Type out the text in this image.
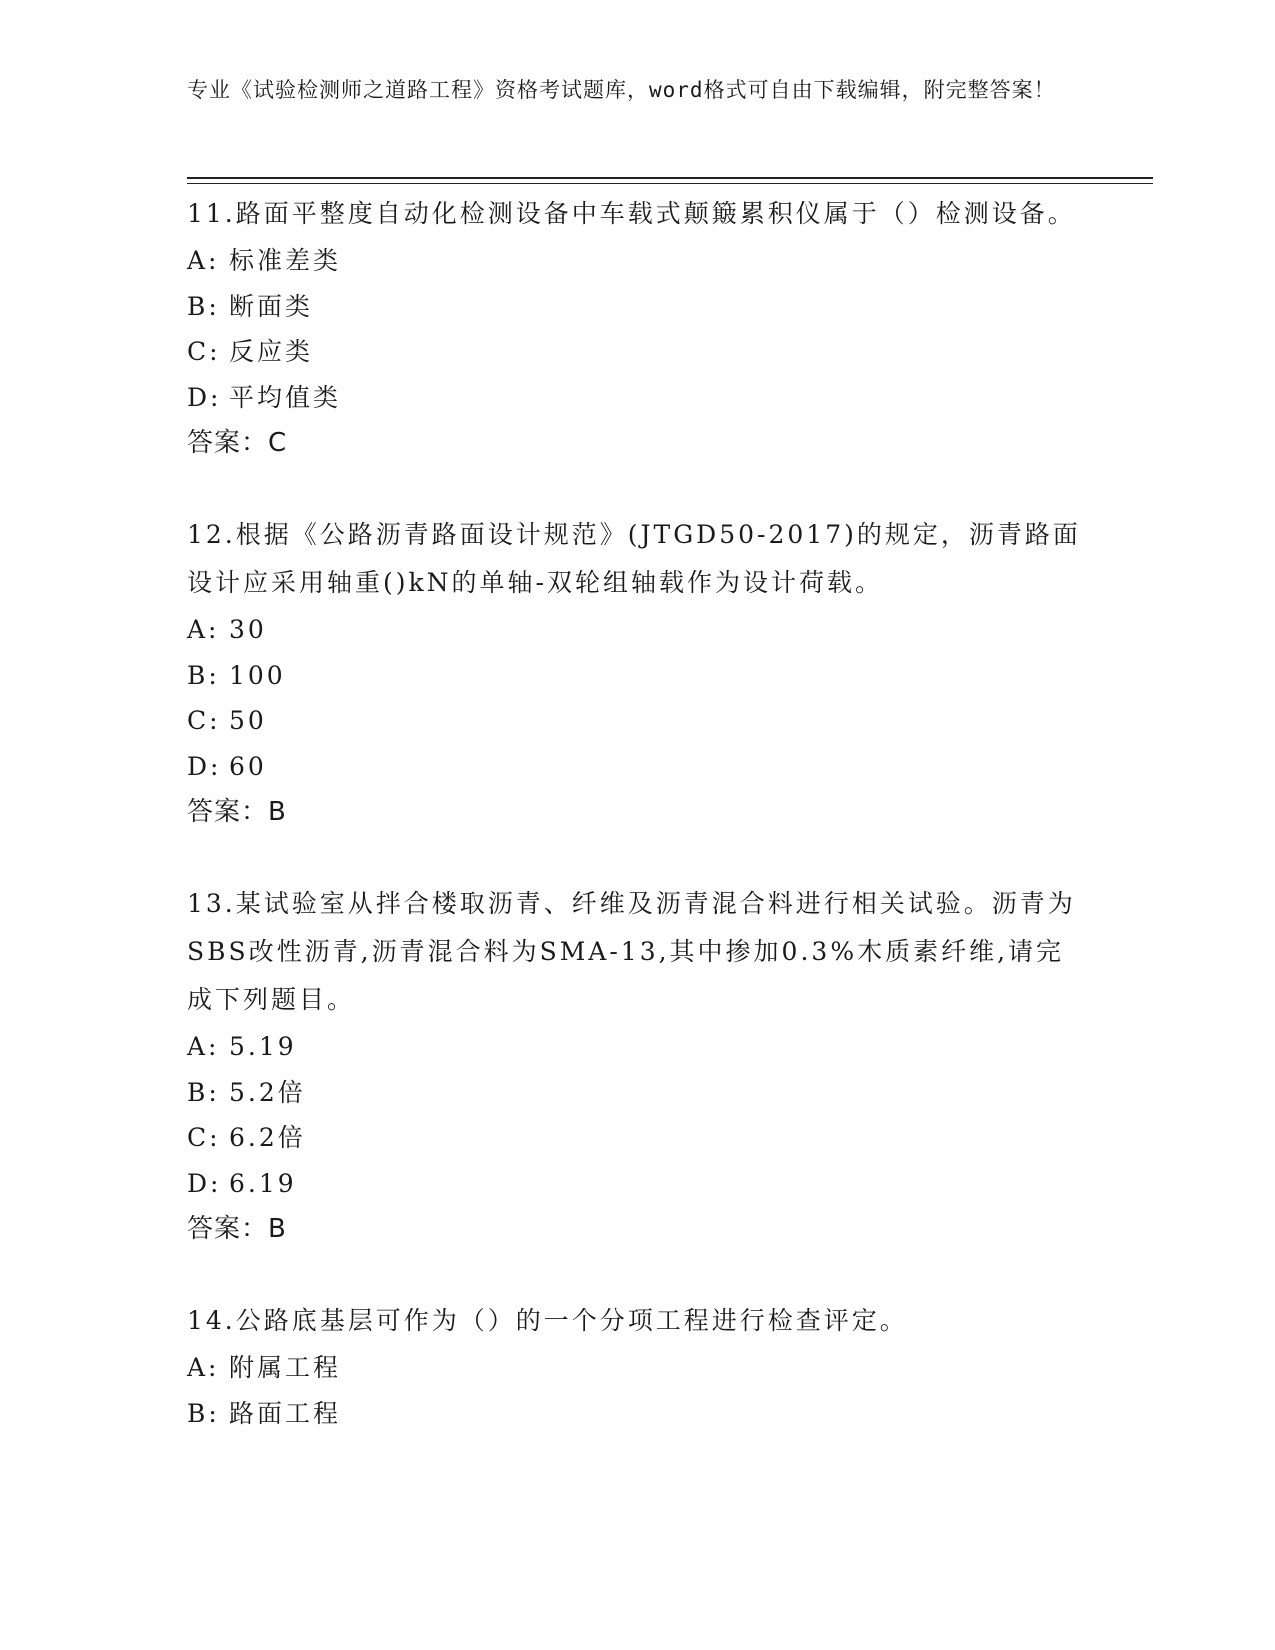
专业《试验检测师之道路工程》资格考试题库，word格式可自由下载编辑，附完整答案！

11.路面平整度自动化检测设备中车载式颠簸累积仪属于（）检测设备。

A: 标准差类

B: 断面类

C: 反应类

D: 平均值类

答案：C

12.根据《公路沥青路面设计规范》(JTGD50-2017)的规定，沥青路面设计应采用轴重()kN的单轴-双轮组轴载作为设计荷载。

A: 30

B: 100

C: 50

D: 60

答案：B

13.某试验室从拌合楼取沥青、纤维及沥青混合料进行相关试验。沥青为SBS改性沥青,沥青混合料为SMA-13,其中掺加0.3%木质素纤维,请完成下列题目。

A: 5.19

B: 5.2倍

C: 6.2倍

D: 6.19

答案：B

14.公路底基层可作为（）的一个分项工程进行检查评定。

A: 附属工程

B: 路面工程
